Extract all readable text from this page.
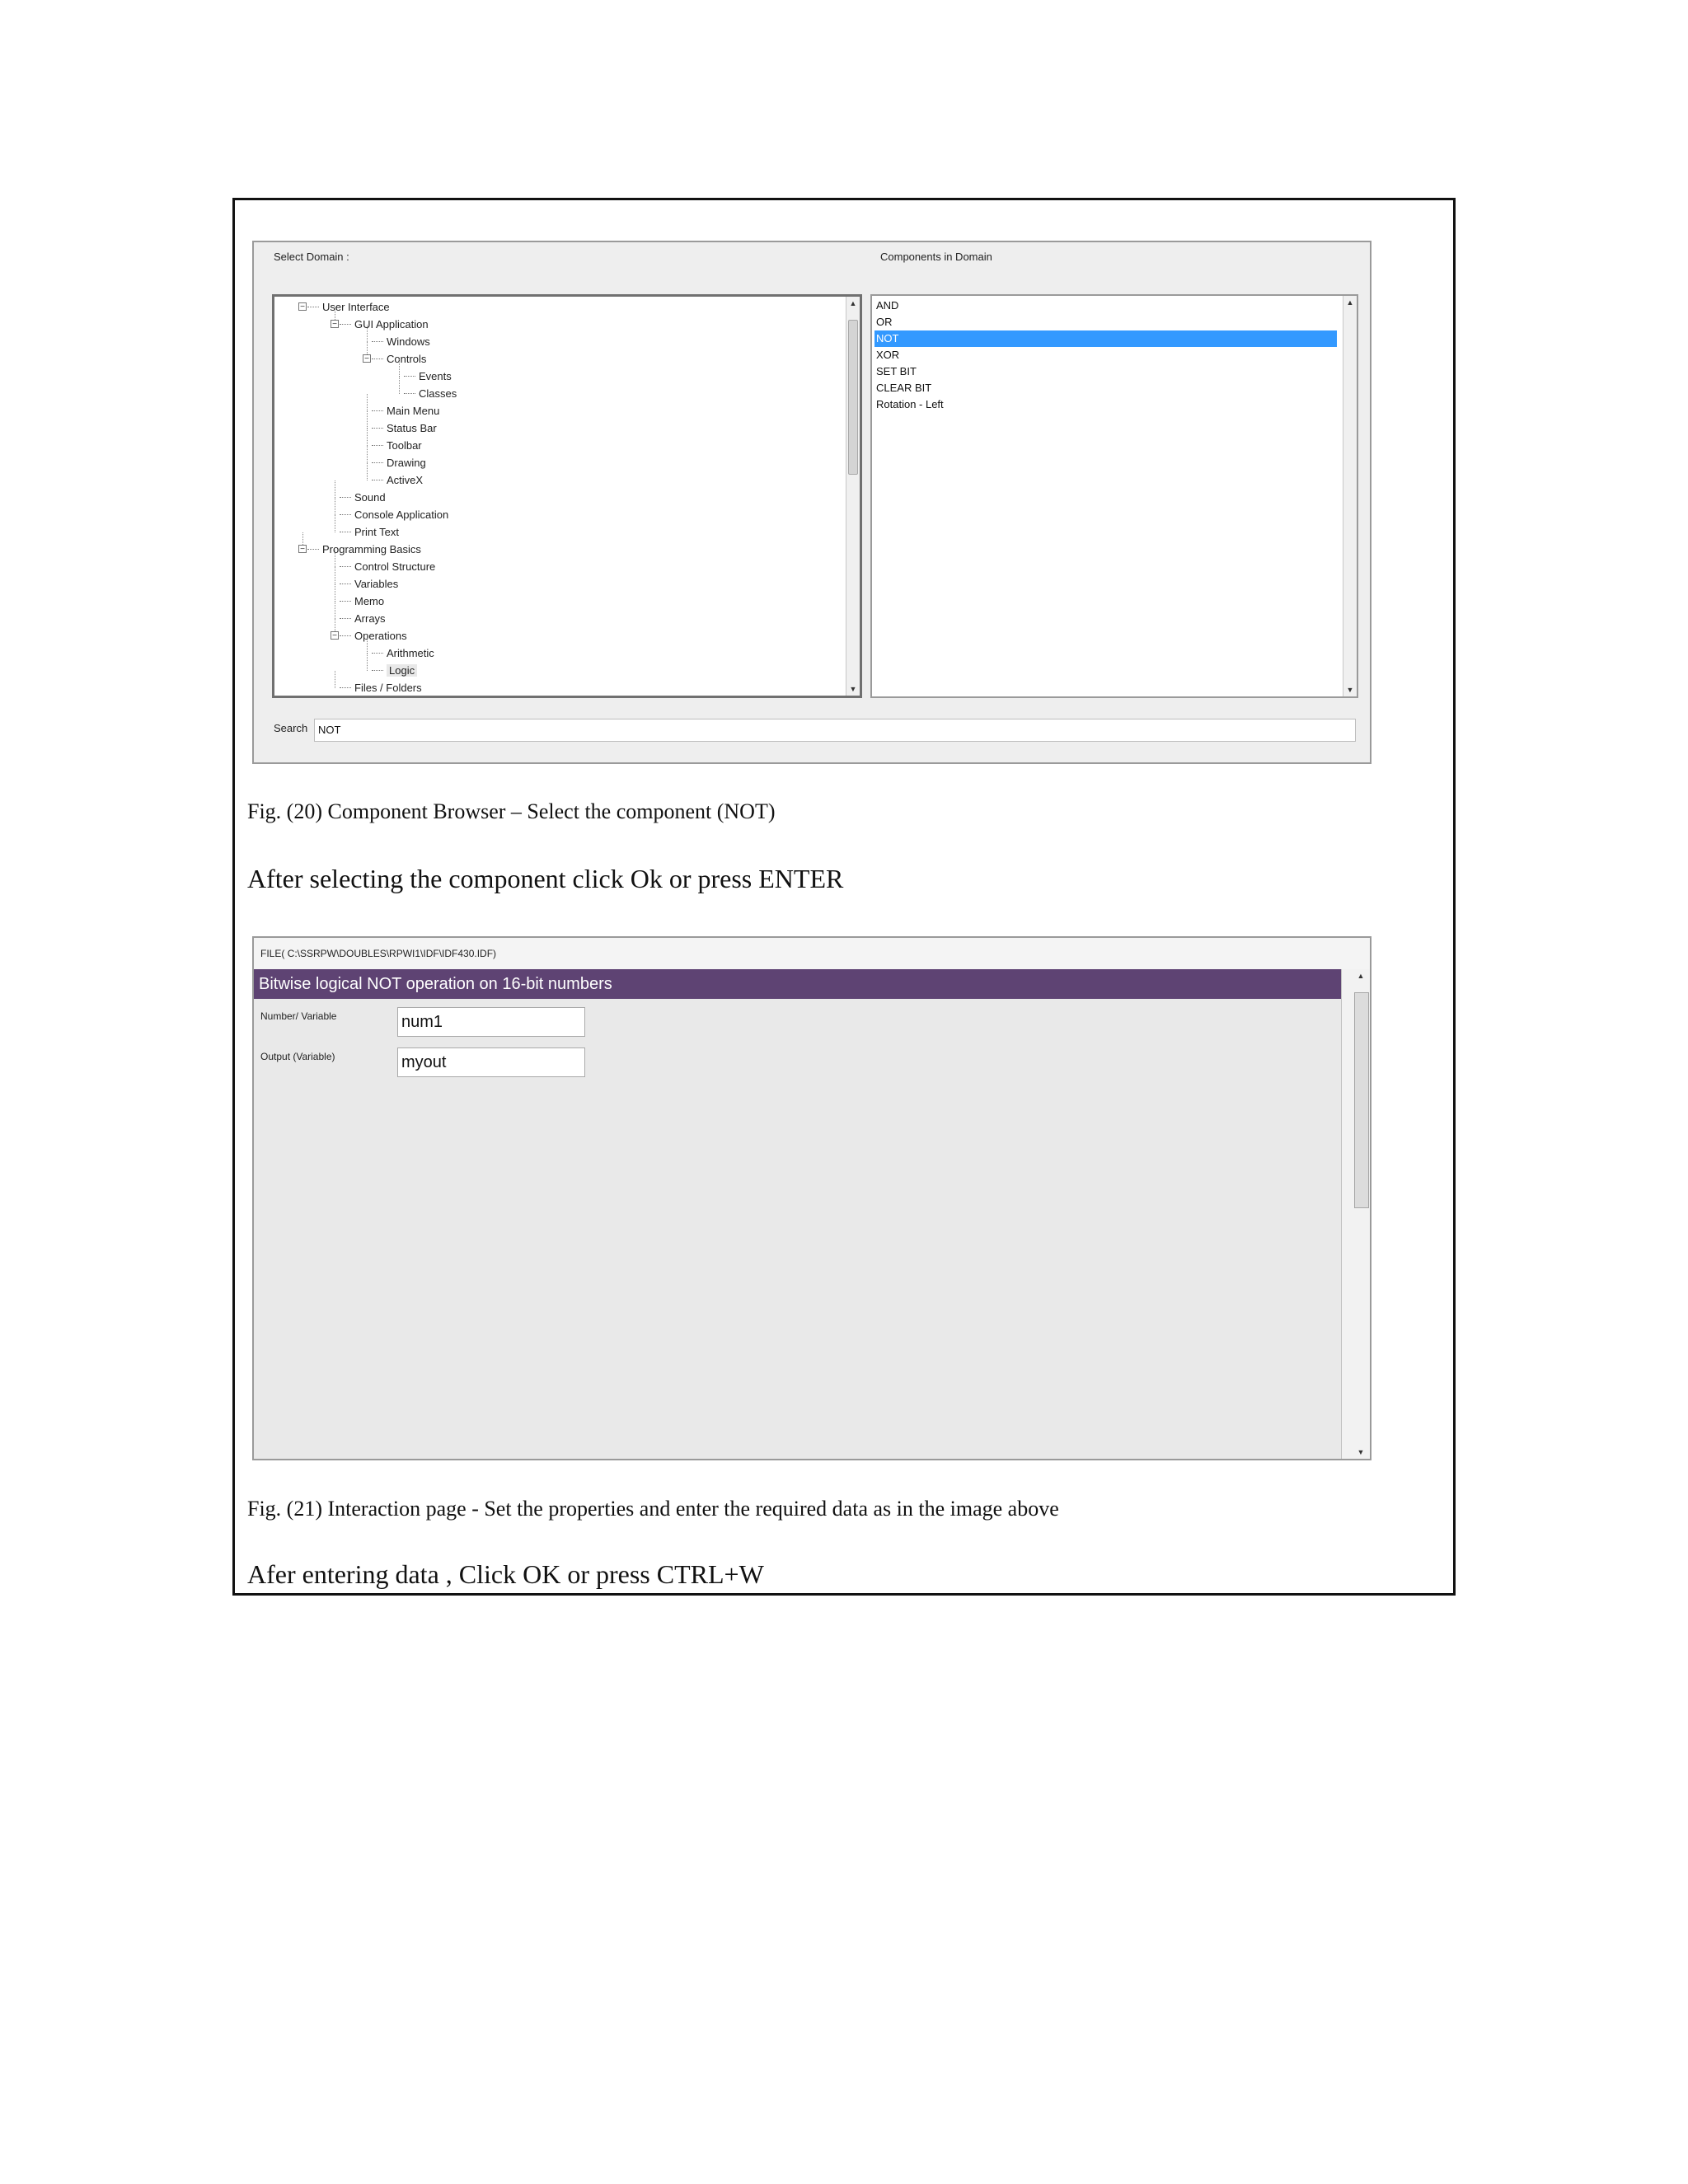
Select Domain :	Components in Domain
− User Interface
− GUI Application
Windows
− Controls
Events
Classes
Main Menu
Status Bar
Toolbar
Drawing
ActiveX
Sound
Console Application
Print Text
− Programming Basics
Control Structure
Variables
Memo
Arrays
− Operations
Arithmetic
Logic
Files / Folders
▲
▼
AND
OR
NOT
XOR
SET BIT
CLEAR BIT
Rotation - Left
▲
▼
Search NOT
Fig. (20) Component Browser – Select the component (NOT)
After selecting the component click Ok or press ENTER
FILE( C:\SSRPW\DOUBLES\RPWI1\IDF\IDF430.IDF)
Bitwise logical NOT operation on 16-bit numbers
Number/ Variable	num1
Output (Variable)	myout
▲
▼
Fig. (21) Interaction page - Set the properties and enter the required data as in the image above
Afer entering data , Click OK or press CTRL+W
